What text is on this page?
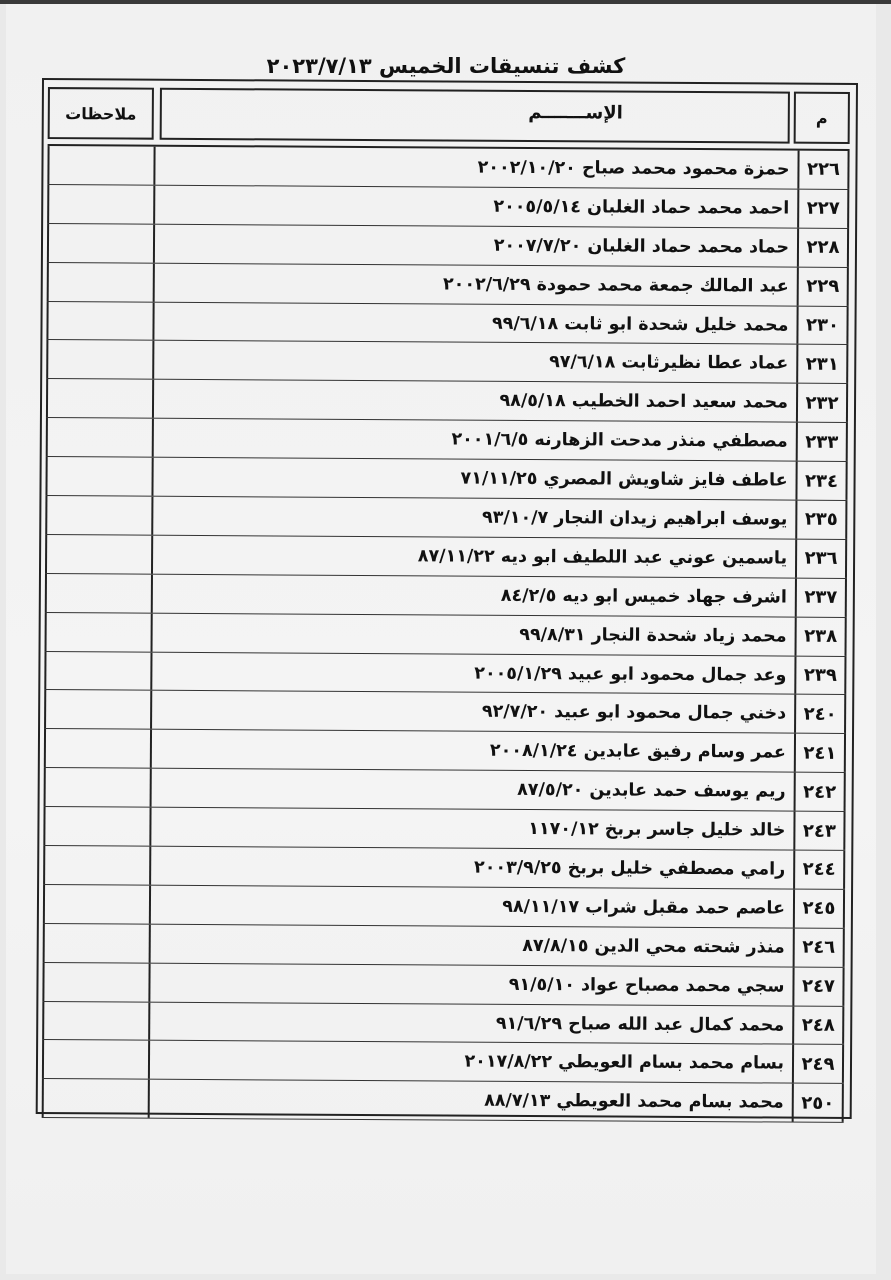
كشف تنسيقات الخميس ٢٠٢٣/٧/١٣
م
الإســـــــم
ملاحظات
٢٢٦
حمزة محمود محمد صباح ٢٠٠٢/١٠/٢٠
٢٢٧
احمد محمد حماد الغلبان ٢٠٠٥/٥/١٤
٢٢٨
حماد محمد حماد الغلبان ٢٠٠٧/٧/٢٠
٢٢٩
عبد المالك جمعة محمد حمودة ٢٠٠٢/٦/٢٩
٢٣٠
محمد خليل شحدة ابو ثابت ٩٩/٦/١٨
٢٣١
عماد عطا نظيرثابت ٩٧/٦/١٨
٢٣٢
محمد سعيد احمد الخطيب ٩٨/٥/١٨
٢٣٣
مصطفي منذر مدحت الزهارنه ٢٠٠١/٦/٥
٢٣٤
عاطف فايز شاويش المصري ٧١/١١/٢٥
٢٣٥
يوسف ابراهيم زيدان النجار ٩٣/١٠/٧
٢٣٦
ياسمين عوني عبد اللطيف ابو ديه ٨٧/١١/٢٢
٢٣٧
اشرف جهاد خميس ابو ديه ٨٤/٢/٥
٢٣٨
محمد زياد شحدة النجار ٩٩/٨/٣١
٢٣٩
وعد جمال محمود ابو عبيد ٢٠٠٥/١/٢٩
٢٤٠
دخني جمال محمود ابو عبيد ٩٢/٧/٢٠
٢٤١
عمر وسام رفيق عابدين ٢٠٠٨/١/٢٤
٢٤٢
ريم يوسف حمد عابدين ٨٧/٥/٢٠
٢٤٣
خالد خليل جاسر بربخ ١١٧٠/١٢
٢٤٤
رامي مصطفي خليل بربخ ٢٠٠٣/٩/٢٥
٢٤٥
عاصم حمد مقبل شراب ٩٨/١١/١٧
٢٤٦
منذر شحته محي الدين ٨٧/٨/١٥
٢٤٧
سجي محمد مصباح عواد ٩١/٥/١٠
٢٤٨
محمد كمال عبد الله صباح ٩١/٦/٢٩
٢٤٩
بسام محمد بسام العويطي ٢٠١٧/٨/٢٢
٢٥٠
محمد بسام محمد العويطي ٨٨/٧/١٣
